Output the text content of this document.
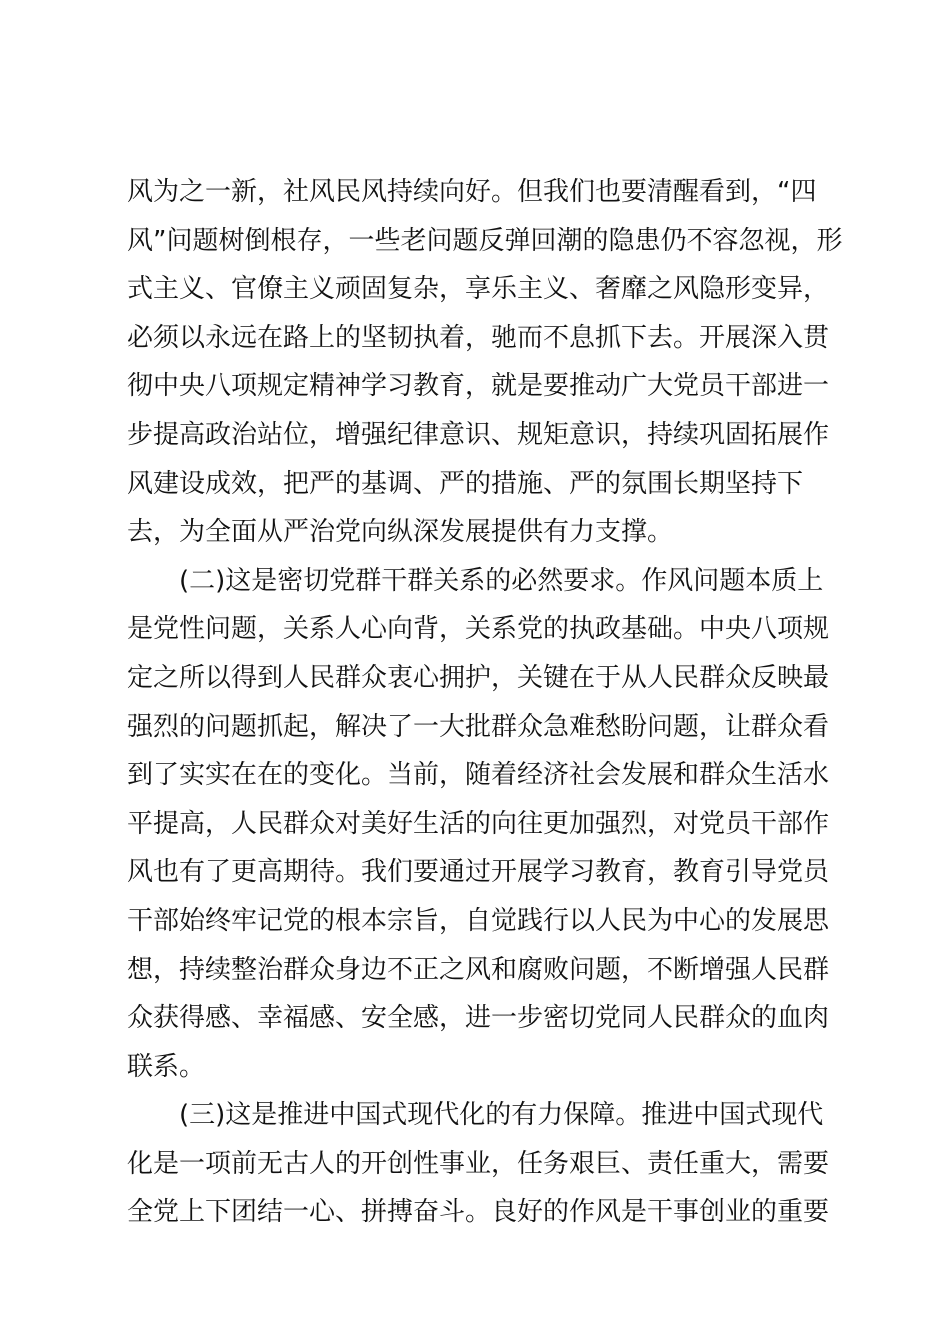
风为之一新，社风民风持续向好。但我们也要清醒看到，“四
风”问题树倒根存，一些老问题反弹回潮的隐患仍不容忽视，形
式主义、官僚主义顽固复杂，享乐主义、奢靡之风隐形变异，
必须以永远在路上的坚韧执着，驰而不息抓下去。开展深入贯
彻中央八项规定精神学习教育，就是要推动广大党员干部进一
步提高政治站位，增强纪律意识、规矩意识，持续巩固拓展作
风建设成效，把严的基调、严的措施、严的氛围长期坚持下
去，为全面从严治党向纵深发展提供有力支撑。
(二)这是密切党群干群关系的必然要求。作风问题本质上
是党性问题，关系人心向背，关系党的执政基础。中央八项规
定之所以得到人民群众衷心拥护，关键在于从人民群众反映最
强烈的问题抓起，解决了一大批群众急难愁盼问题，让群众看
到了实实在在的变化。当前，随着经济社会发展和群众生活水
平提高，人民群众对美好生活的向往更加强烈，对党员干部作
风也有了更高期待。我们要通过开展学习教育，教育引导党员
干部始终牢记党的根本宗旨，自觉践行以人民为中心的发展思
想，持续整治群众身边不正之风和腐败问题，不断增强人民群
众获得感、幸福感、安全感，进一步密切党同人民群众的血肉
联系。
(三)这是推进中国式现代化的有力保障。推进中国式现代
化是一项前无古人的开创性事业，任务艰巨、责任重大，需要
全党上下团结一心、拼搏奋斗。良好的作风是干事创业的重要
